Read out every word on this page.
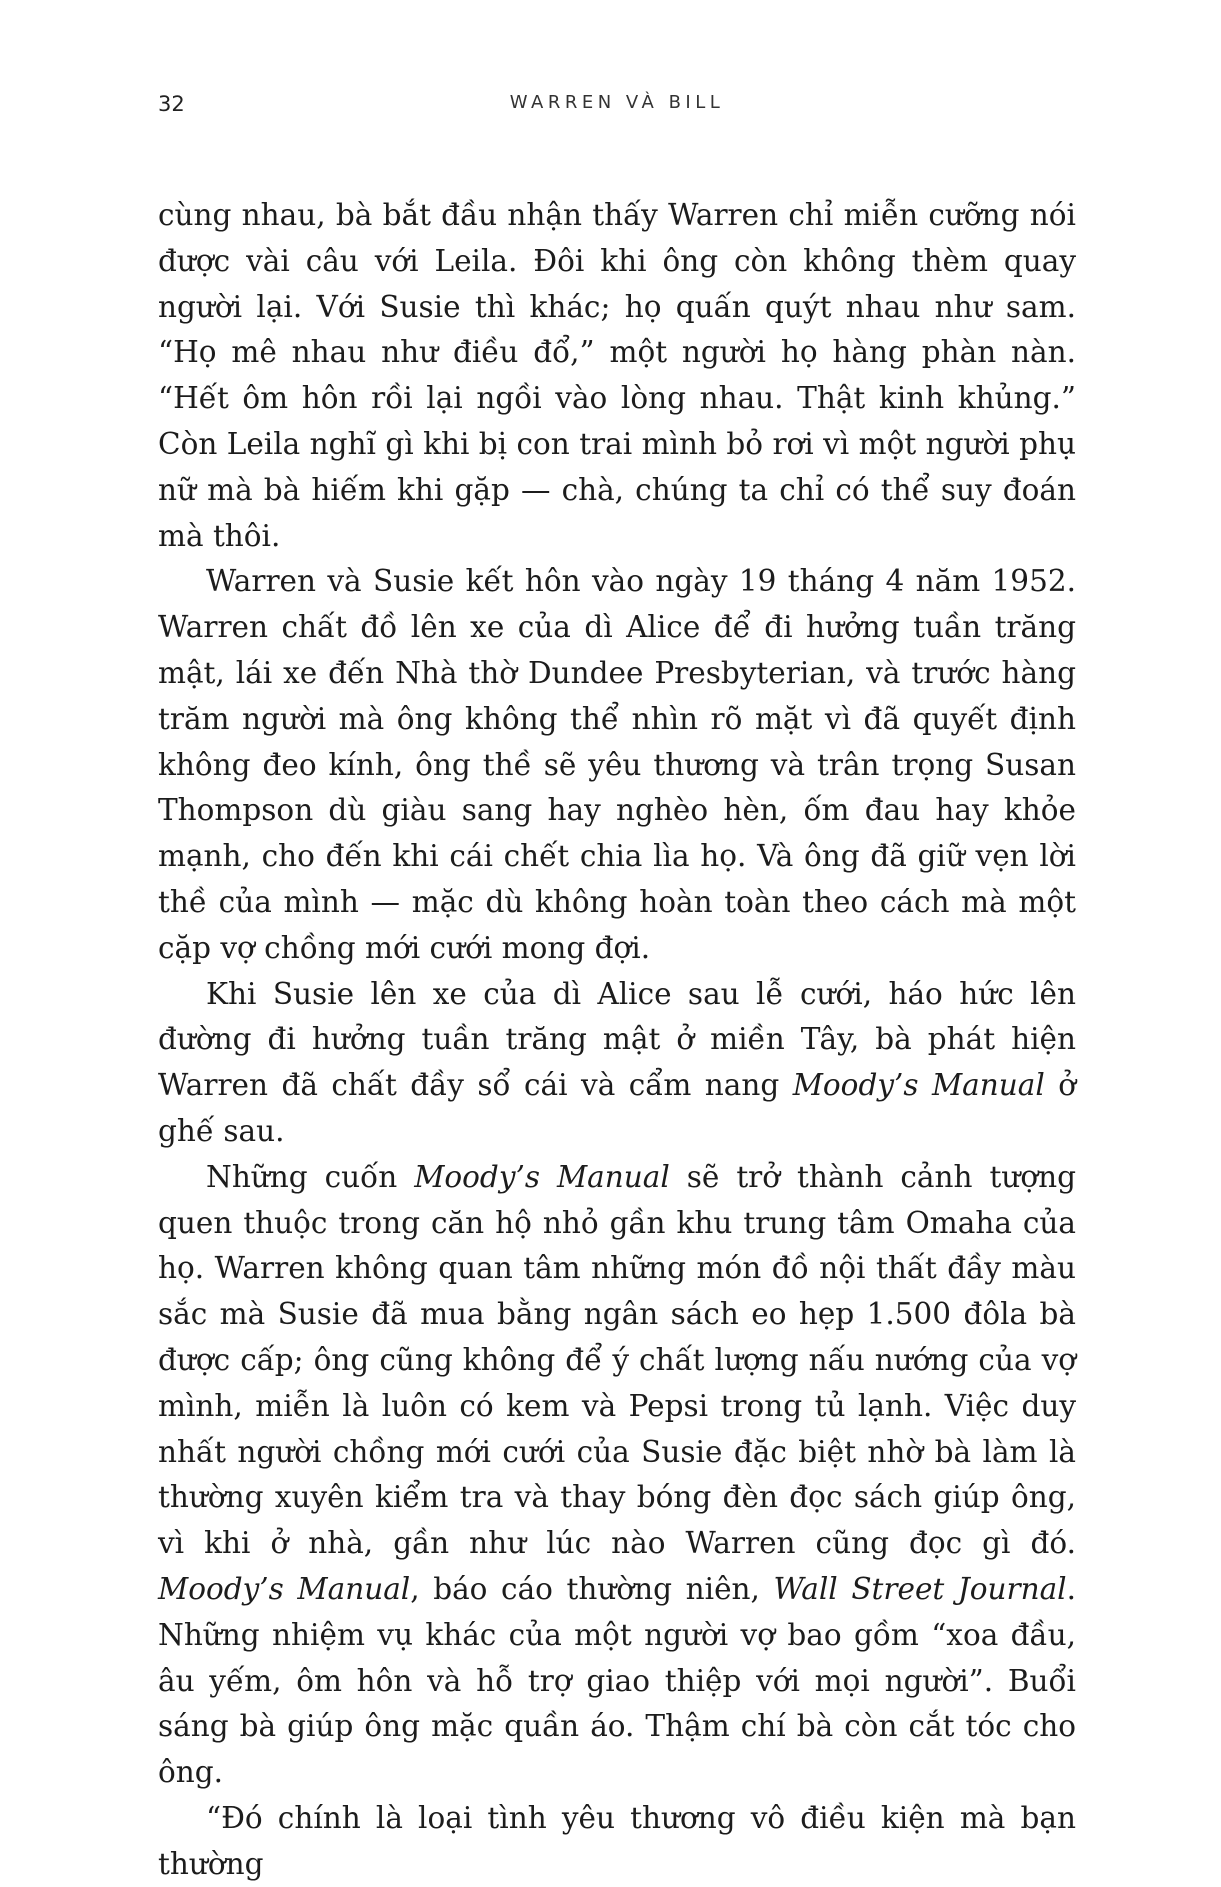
32	WARREN VÀ BILL

cùng nhau, bà bắt đầu nhận thấy Warren chỉ miễn cưỡng nói được vài câu với Leila. Đôi khi ông còn không thèm quay người lại. Với Susie thì khác; họ quấn quýt nhau như sam. “Họ mê nhau như điều đổ,” một người họ hàng phàn nàn. “Hết ôm hôn rồi lại ngồi vào lòng nhau. Thật kinh khủng.” Còn Leila nghĩ gì khi bị con trai mình bỏ rơi vì một người phụ nữ mà bà hiếm khi gặp — chà, chúng ta chỉ có thể suy đoán mà thôi.

Warren và Susie kết hôn vào ngày 19 tháng 4 năm 1952. Warren chất đồ lên xe của dì Alice để đi hưởng tuần trăng mật, lái xe đến Nhà thờ Dundee Presbyterian, và trước hàng trăm người mà ông không thể nhìn rõ mặt vì đã quyết định không đeo kính, ông thề sẽ yêu thương và trân trọng Susan Thompson dù giàu sang hay nghèo hèn, ốm đau hay khỏe mạnh, cho đến khi cái chết chia lìa họ. Và ông đã giữ vẹn lời thề của mình — mặc dù không hoàn toàn theo cách mà một cặp vợ chồng mới cưới mong đợi.

Khi Susie lên xe của dì Alice sau lễ cưới, háo hức lên đường đi hưởng tuần trăng mật ở miền Tây, bà phát hiện Warren đã chất đầy sổ cái và cẩm nang Moody’s Manual ở ghế sau.

Những cuốn Moody’s Manual sẽ trở thành cảnh tượng quen thuộc trong căn hộ nhỏ gần khu trung tâm Omaha của họ. Warren không quan tâm những món đồ nội thất đầy màu sắc mà Susie đã mua bằng ngân sách eo hẹp 1.500 đôla bà được cấp; ông cũng không để ý chất lượng nấu nướng của vợ mình, miễn là luôn có kem và Pepsi trong tủ lạnh. Việc duy nhất người chồng mới cưới của Susie đặc biệt nhờ bà làm là thường xuyên kiểm tra và thay bóng đèn đọc sách giúp ông, vì khi ở nhà, gần như lúc nào Warren cũng đọc gì đó. Moody’s Manual, báo cáo thường niên, Wall Street Journal. Những nhiệm vụ khác của một người vợ bao gồm “xoa đầu, âu yếm, ôm hôn và hỗ trợ giao thiệp với mọi người”. Buổi sáng bà giúp ông mặc quần áo. Thậm chí bà còn cắt tóc cho ông.

“Đó chính là loại tình yêu thương vô điều kiện mà bạn thường
